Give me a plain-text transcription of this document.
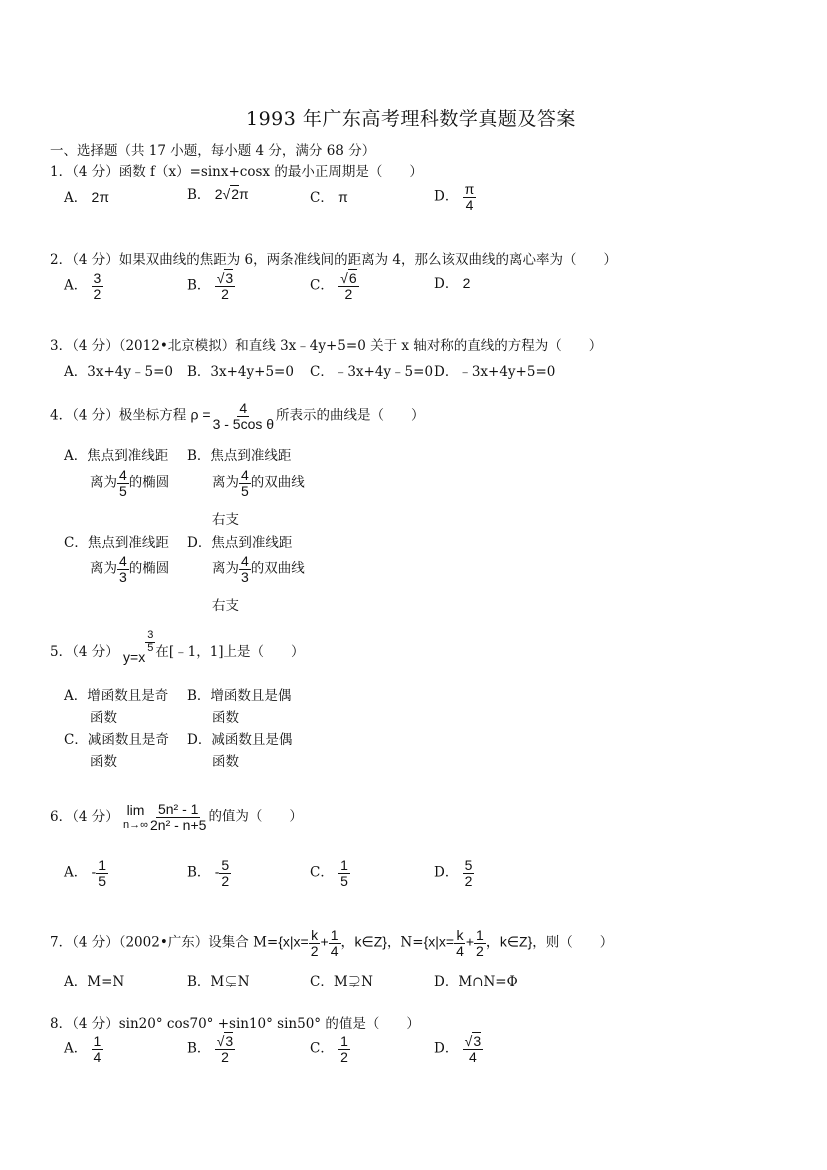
1993 年广东高考理科数学真题及答案
一、选择题（共 17 小题，每小题 4 分，满分 68 分）
1．（4 分）函数 f（x）=sinx+cosx 的最小正周期是（　　）
A． 2π	B． 2√2π	C． π	D． $\frac{\pi}{4}$
2．（4 分）如果双曲线的焦距为 6，两条准线间的距离为 4，那么该双曲线的离心率为（　　）
A． $\frac{3}{2}$	B． $\frac{√3}{2}$	C． $\frac{√6}{2}$	D． 2
3．（4 分）（2012•北京模拟）和直线 3x﹣4y+5=0 关于 x 轴对称的直线的方程为（　　）
A．3x+4y﹣5=0 B．3x+4y+5=0 C．﹣3x+4y﹣5=0 D．﹣3x+4y+5=0
4．（4 分）极坐标方程 $\rho = \frac{4}{\text{3 - 5cos θ}}$ 所表示的曲线是（　　）
A．焦点到准线距
离为 $\frac{4}{5}$ 的椭圆
B．焦点到准线距
离为 $\frac{4}{5}$ 的双曲线
右支
C．焦点到准线距
离为 $\frac{4}{3}$ 的椭圆
D．焦点到准线距
离为 $\frac{4}{3}$ 的双曲线
右支
5．（4 分） y=x
$\frac{3}{5}$ 在[﹣1，1]上是（　　）
A．增函数且是奇
函数
B．增函数且是偶
函数
C．减函数且是奇
函数
D．减函数且是偶
函数
6．（4 分） lim
$n\to\infty \frac{\text{5n² - 1}}{\text{2n² - n+5}}$ 的值为（　　）
A． - $\frac{1}{5}$	B． - $\frac{5}{2}$	C． $\frac{1}{5}$	D． $\frac{5}{2}$
7．（4 分）（2002•广东）设集合 $M=\{x|x= \frac{k}{2} + \frac{1}{4}$ ，k∈Z}，$N=\{x|x= \frac{k}{4} + \frac{1}{2}$ ，k∈Z}，则（　　）
A．M=N	B．M⊊N	C．M⊋N	D．M∩N=Φ
8．（4 分）sin20° cos70° +sin10° sin50° 的值是（　　）
A． $\frac{1}{4}$	B． $\frac{√3}{2}$	C． $\frac{1}{2}$	D． $\frac{√3}{4}$
